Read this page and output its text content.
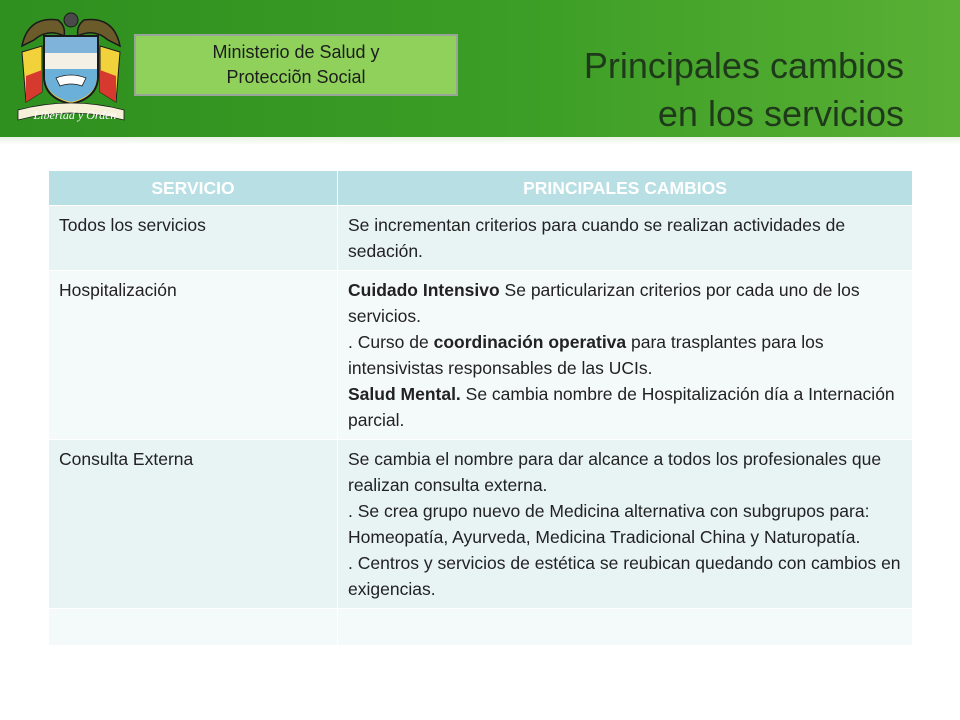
Libertad y Orden
Ministerio de Salud y
Protecciõn Social	Principales cambios
en los servicios
SERVICIO	PRINCIPALES CAMBIOS
Todos los servicios	Se incrementan criterios para cuando se realizan actividades de sedación.

Hospitalización	Cuidado Intensivo Se particularizan criterios por cada uno de los servicios.

. Curso de coordinación operativa para trasplantes para los intensivistas responsables de las UCIs.

Salud Mental. Se cambia nombre de Hospitalización día a Internación parcial.

Consulta Externa	Se cambia el nombre para dar alcance a todos los profesionales que realizan consulta externa.

. Se crea grupo nuevo de Medicina alternativa con subgrupos para: Homeopatía, Ayurveda, Medicina Tradicional China y Naturopatía.

. Centros y servicios de estética se reubican quedando con cambios en exigencias.
